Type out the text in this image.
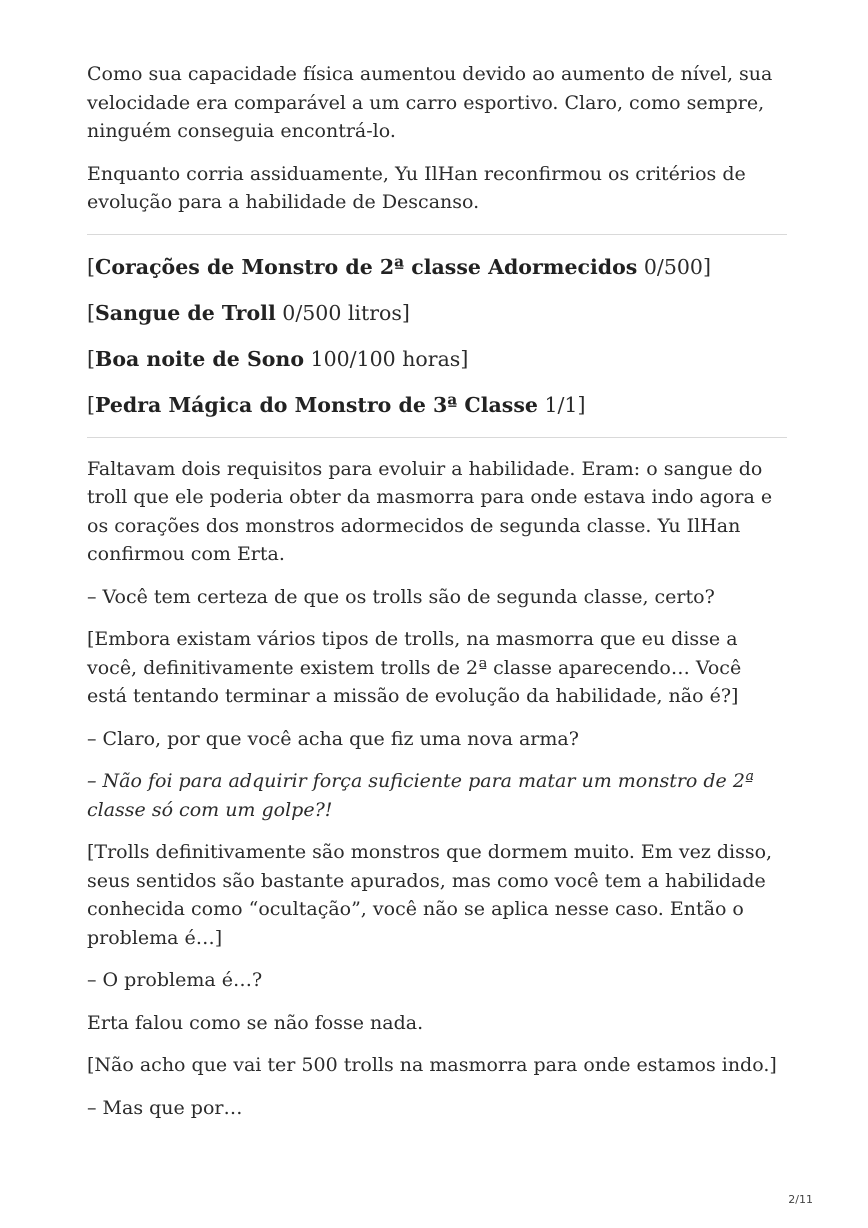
Como sua capacidade física aumentou devido ao aumento de nível, sua velocidade era comparável a um carro esportivo. Claro, como sempre, ninguém conseguia encontrá-lo.

Enquanto corria assiduamente, Yu IlHan reconfirmou os critérios de evolução para a habilidade de Descanso.

[Corações de Monstro de 2ª classe Adormecidos 0/500]

[Sangue de Troll 0/500 litros]

[Boa noite de Sono 100/100 horas]

[Pedra Mágica do Monstro de 3ª Classe 1/1]

Faltavam dois requisitos para evoluir a habilidade. Eram: o sangue do troll que ele poderia obter da masmorra para onde estava indo agora e os corações dos monstros adormecidos de segunda classe. Yu IlHan confirmou com Erta.

– Você tem certeza de que os trolls são de segunda classe, certo?

[Embora existam vários tipos de trolls, na masmorra que eu disse a você, definitivamente existem trolls de 2ª classe aparecendo… Você está tentando terminar a missão de evolução da habilidade, não é?]

– Claro, por que você acha que fiz uma nova arma?

– Não foi para adquirir força suficiente para matar um monstro de 2ª classe só com um golpe?!

[Trolls definitivamente são monstros que dormem muito. Em vez disso, seus sentidos são bastante apurados, mas como você tem a habilidade conhecida como “ocultação”, você não se aplica nesse caso. Então o problema é…]

– O problema é…?

Erta falou como se não fosse nada.

[Não acho que vai ter 500 trolls na masmorra para onde estamos indo.]

– Mas que por…

2/11
